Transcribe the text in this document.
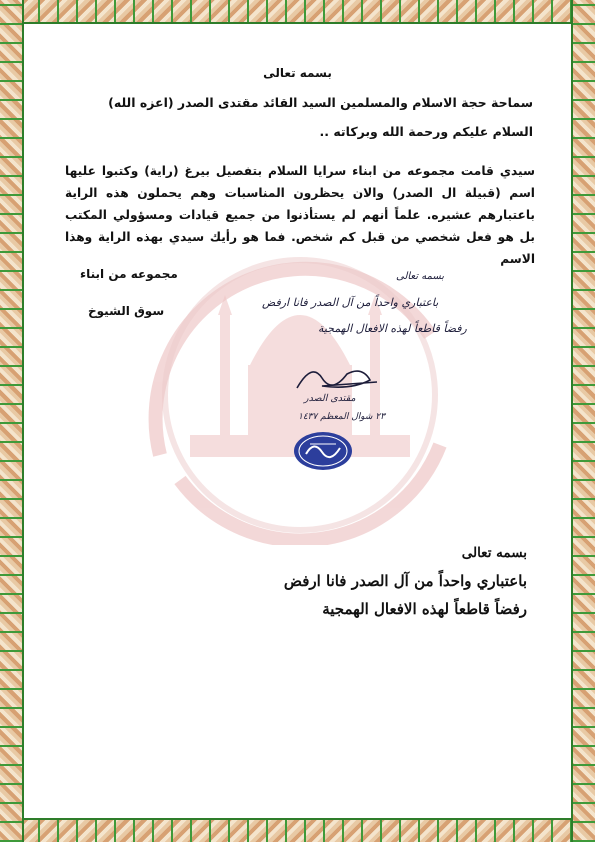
بسمه تعالى
سماحة حجة الاسلام والمسلمين السيد القائد مقتدى الصدر (اعزه الله)
السلام عليكم ورحمة الله وبركاته ..
سيدي قامت مجموعه من ابناء سرايا السلام بتفصيل بيرغ (راية) وكتبوا عليها اسم (قبيلة ال الصدر) والان يحظرون المناسبات وهم يحملون هذه الراية باعتبارهم عشيره. علماً أنهم لم يستأذنوا من جميع قيادات ومسؤولي المكتب بل هو فعل شخصي من قبل كم شخص. فما هو رأيك سيدي بهذه الراية وهذا الاسم
مجموعه من ابناء
سوق الشيوخ
بسمه تعالى
باعتباري واحداً من آل الصدر فانا ارفض
رفضاً قاطعاً لهذه الافعال الهمجية
مقتدى الصدر
٢٣ شوال المعظم ١٤٣٧
بسمه تعالى
باعتباري واحداً من آل الصدر فانا ارفض
رفضاً قاطعاً لهذه الافعال الهمجية
